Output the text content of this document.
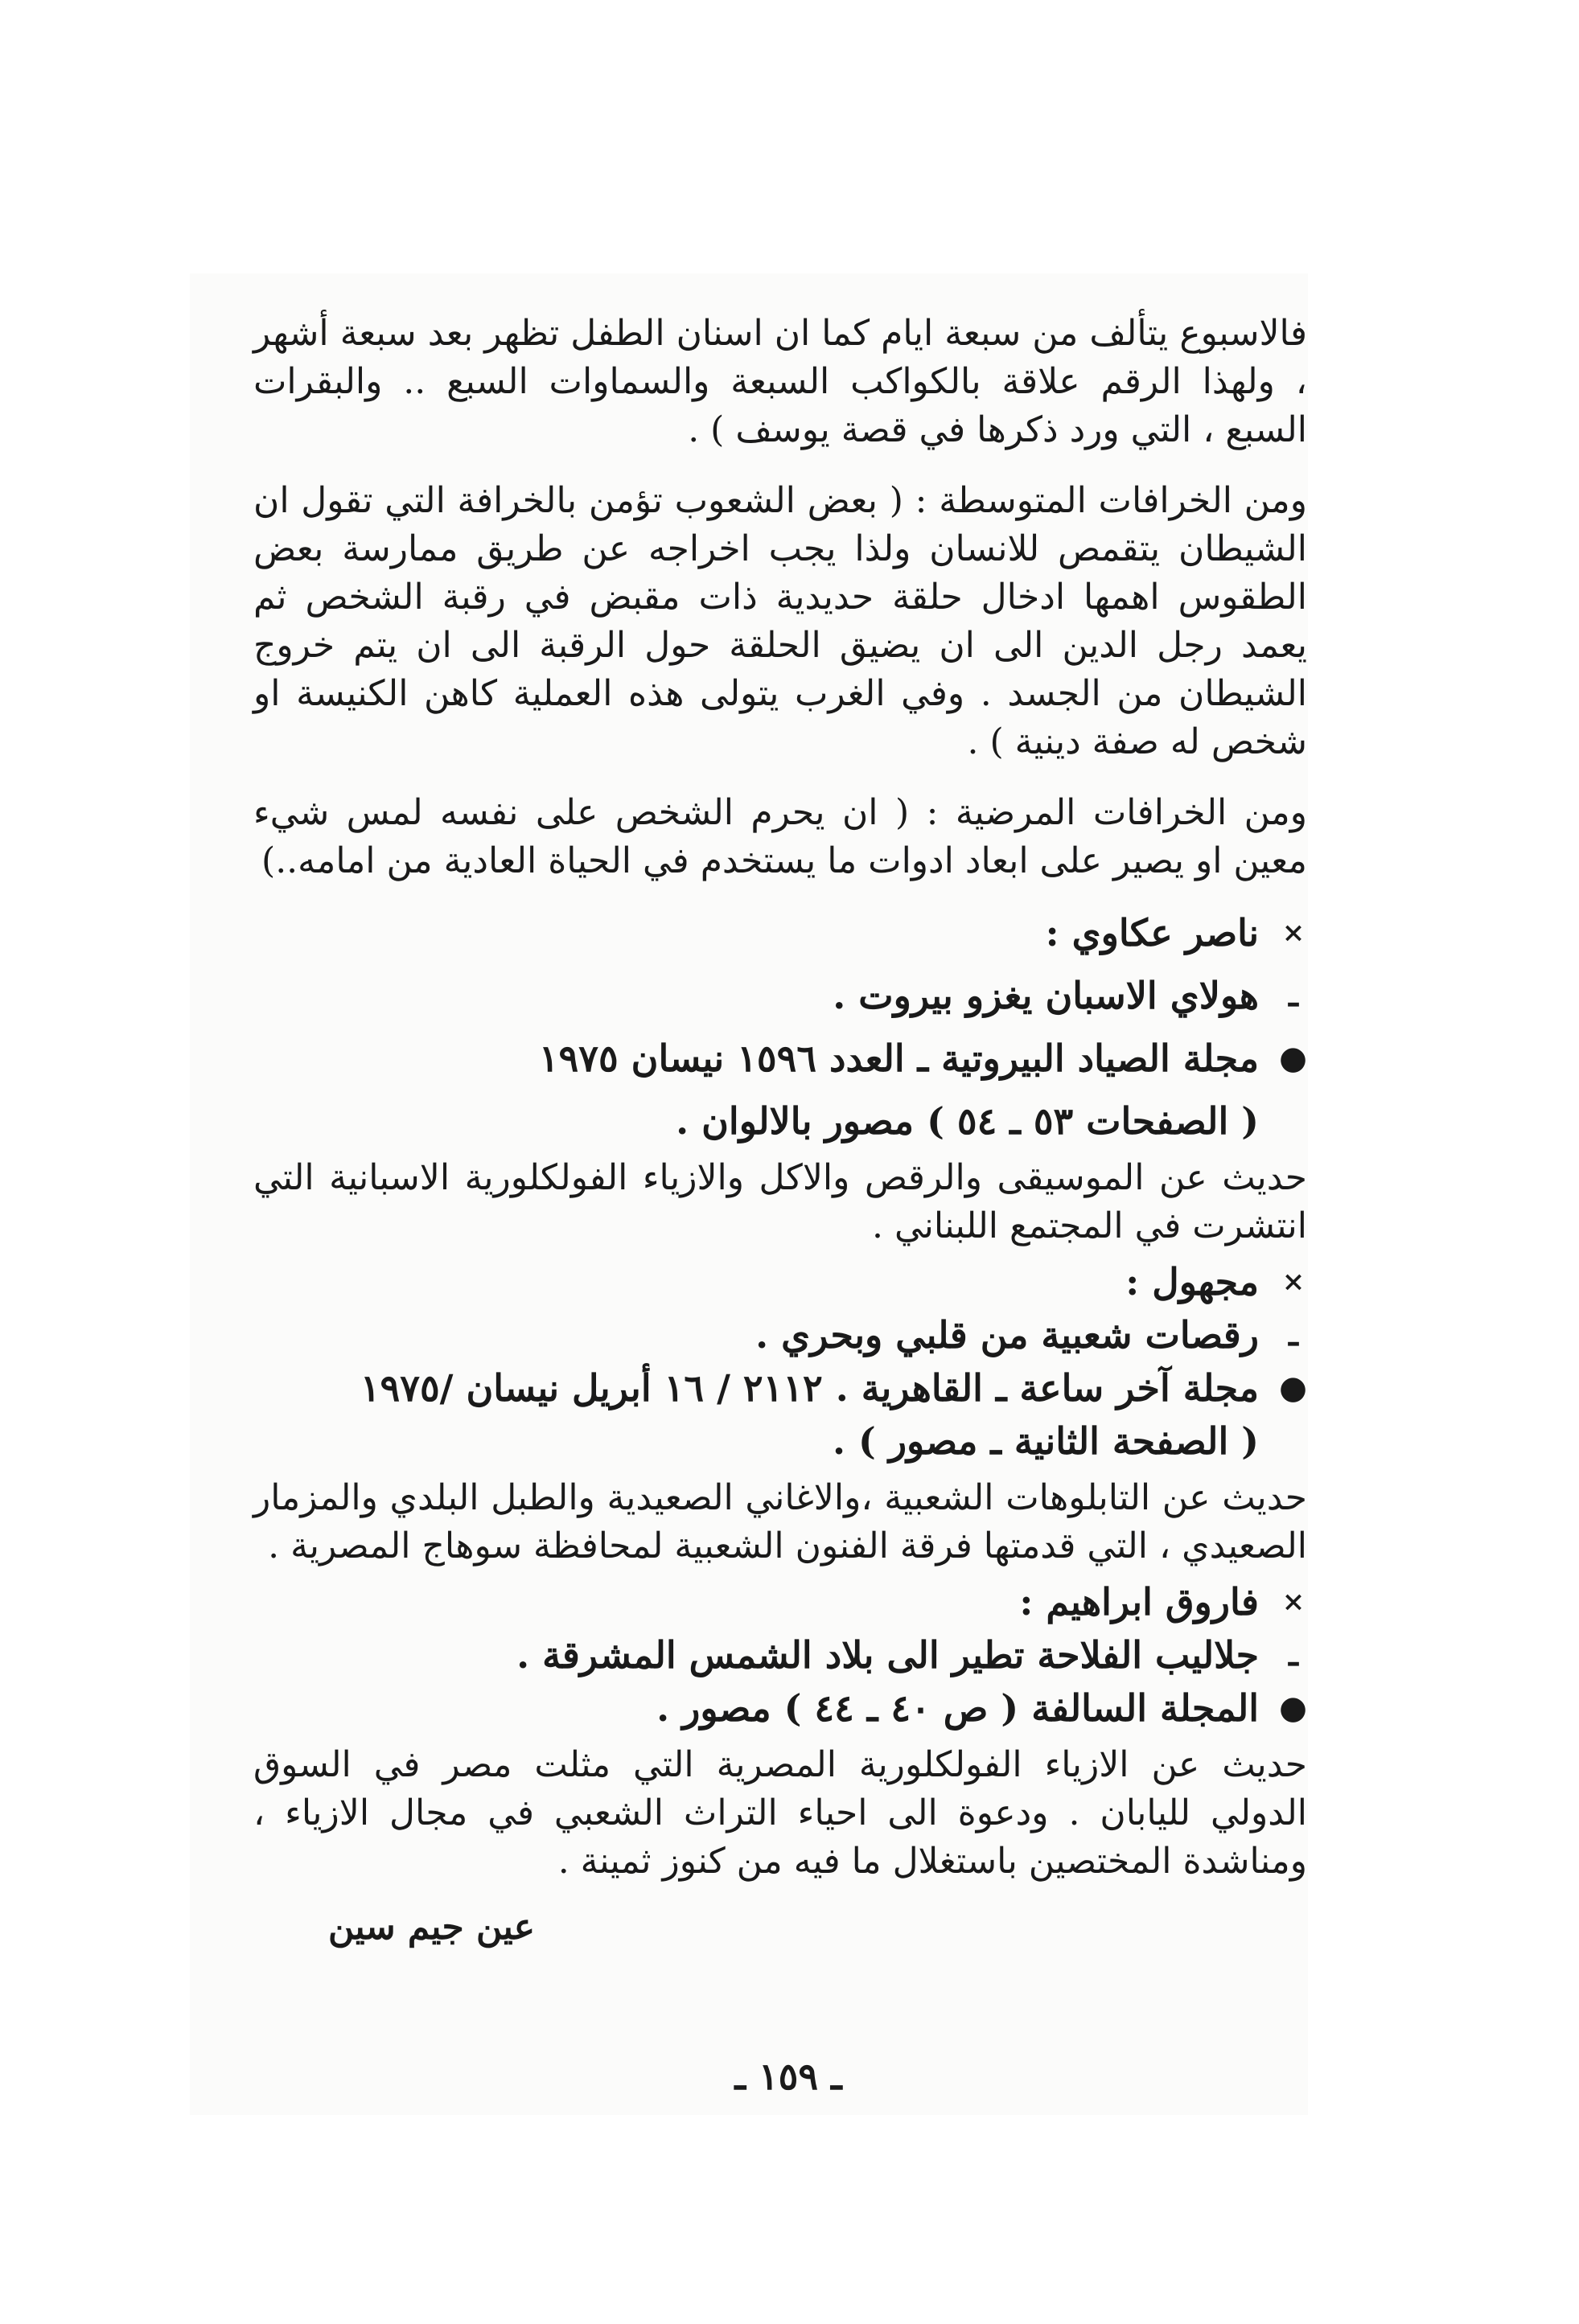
فالاسبوع يتألف من سبعة ايام كما ان اسنان الطفل تظهر بعد سبعة أشهر ، ولهذا الرقم علاقة بالكواكب السبعة والسماوات السبع .. والبقرات السبع ، التي ورد ذكرها في قصة يوسف ) .

ومن الخرافات المتوسطة : ( بعض الشعوب تؤمن بالخرافة التي تقول ان الشيطان يتقمص للانسان ولذا يجب اخراجه عن طريق ممارسة بعض الطقوس اهمها ادخال حلقة حديدية ذات مقبض في رقبة الشخص ثم يعمد رجل الدين الى ان يضيق الحلقة حول الرقبة الى ان يتم خروج الشيطان من الجسد . وفي الغرب يتولى هذه العملية كاهن الكنيسة او شخص له صفة دينية ) .

ومن الخرافات المرضية : ( ان يحرم الشخص على نفسه لمس شيء معين او يصير على ابعاد ادوات ما يستخدم في الحياة العادية من امامه..)

×
ناصر عكاوي :
ـ
هولاي الاسبان يغزو بيروت .
●
مجلة الصياد البيروتية ـ العدد ١٥٩٦ نيسان ١٩٧٥
( الصفحات ٥٣ ـ ٥٤ ) مصور بالالوان .

حديث عن الموسيقى والرقص والاكل والازياء الفولكلورية الاسبانية التي انتشرت في المجتمع اللبناني .

×
مجهول :
ـ
رقصات شعبية من قلبي وبحري .
●
مجلة آخر ساعة ـ القاهرية . ٢١١٢ / ١٦ أبريل نيسان /١٩٧٥
( الصفحة الثانية ـ مصور ) .

حديث عن التابلوهات الشعبية ،والاغاني الصعيدية والطبل البلدي والمزمار الصعيدي ، التي قدمتها فرقة الفنون الشعبية لمحافظة سوهاج المصرية .

×
فاروق ابراهيم :
ـ
جلاليب الفلاحة تطير الى بلاد الشمس المشرقة .
●
المجلة السالفة ( ص ٤٠ ـ ٤٤ ) مصور .

حديث عن الازياء الفولكلورية المصرية التي مثلت مصر في السوق الدولي لليابان . ودعوة الى احياء التراث الشعبي في مجال الازياء ، ومناشدة المختصين باستغلال ما فيه من كنوز ثمينة .

عين جيم سين

ـ ١٥٩ ـ
